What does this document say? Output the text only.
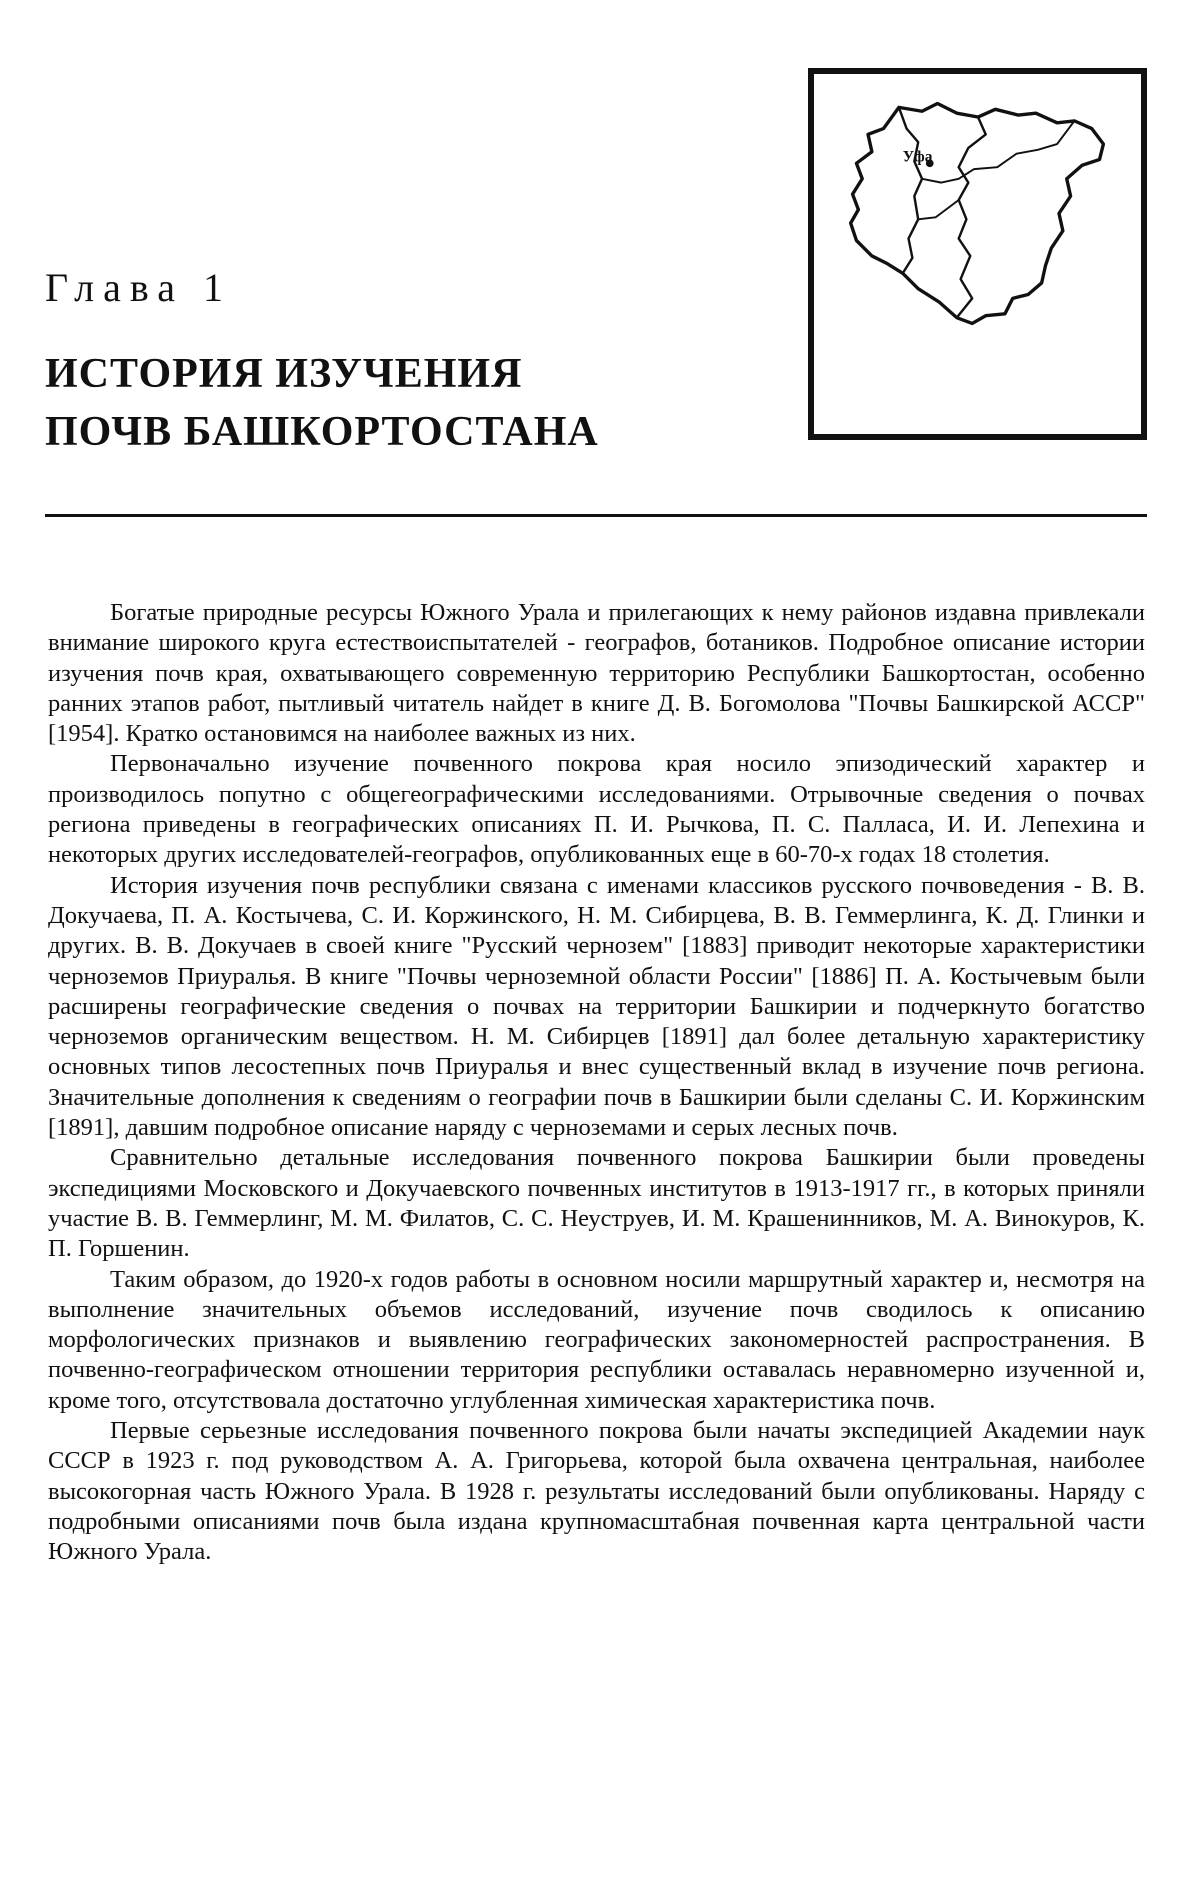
Глава 1
ИСТОРИЯ ИЗУЧЕНИЯ
ПОЧВ БАШКОРТОСТАНА
Уфа

Богатые природные ресурсы Южного Урала и прилегающих к нему районов издавна привлекали внимание широкого круга естествоиспытателей - географов, ботаников. Подробное описание истории изучения почв края, охватывающего современную территорию Республики Башкортостан, особенно ранних этапов работ, пытливый читатель найдет в книге Д. В. Богомолова "Почвы Башкирской АССР" [1954]. Кратко остановимся на наиболее важных из них.

Первоначально изучение почвенного покрова края носило эпизодический характер и производилось попутно с общегеографическими исследованиями. Отрывочные сведения о почвах региона приведены в географических описаниях П. И. Рычкова, П. С. Палласа, И. И. Лепехина и некоторых других исследователей-географов, опубликованных еще в 60-70-х годах 18 столетия.

История изучения почв республики связана с именами классиков русского почвоведения - В. В. Докучаева, П. А. Костычева, С. И. Коржинского, Н. М. Сибирцева, В. В. Геммерлинга, К. Д. Глинки и других. В. В. Докучаев в своей книге "Русский чернозем" [1883] приводит некоторые характеристики черноземов Приуралья. В книге "Почвы черноземной области России" [1886] П. А. Костычевым были расширены географические сведения о почвах на территории Башкирии и подчеркнуто богатство черноземов органическим веществом. Н. М. Сибирцев [1891] дал более детальную характеристику основных типов лесостепных почв Приуралья и внес существенный вклад в изучение почв региона. Значительные дополнения к сведениям о географии почв в Башкирии были сделаны С. И. Коржинским [1891], давшим подробное описание наряду с черноземами и серых лесных почв.

Сравнительно детальные исследования почвенного покрова Башкирии были проведены экспедициями Московского и Докучаевского почвенных институтов в 1913-1917 гг., в которых приняли участие В. В. Геммерлинг, М. М. Филатов, С. С. Неуструев, И. М. Крашенинников, М. А. Винокуров, К. П. Горшенин.

Таким образом, до 1920-х годов работы в основном носили маршрутный характер и, несмотря на выполнение значительных объемов исследований, изучение почв сводилось к описанию морфологических признаков и выявлению географических закономерностей распространения. В почвенно-географическом отношении территория республики оставалась неравномерно изученной и, кроме того, отсутствовала достаточно углубленная химическая характеристика почв.

Первые серьезные исследования почвенного покрова были начаты экспедицией Академии наук СССР в 1923 г. под руководством А. А. Григорьева, которой была охвачена центральная, наиболее высокогорная часть Южного Урала. В 1928 г. результаты исследований были опубликованы. Наряду с подробными описаниями почв была издана крупномасштабная почвенная карта центральной части Южного Урала.
